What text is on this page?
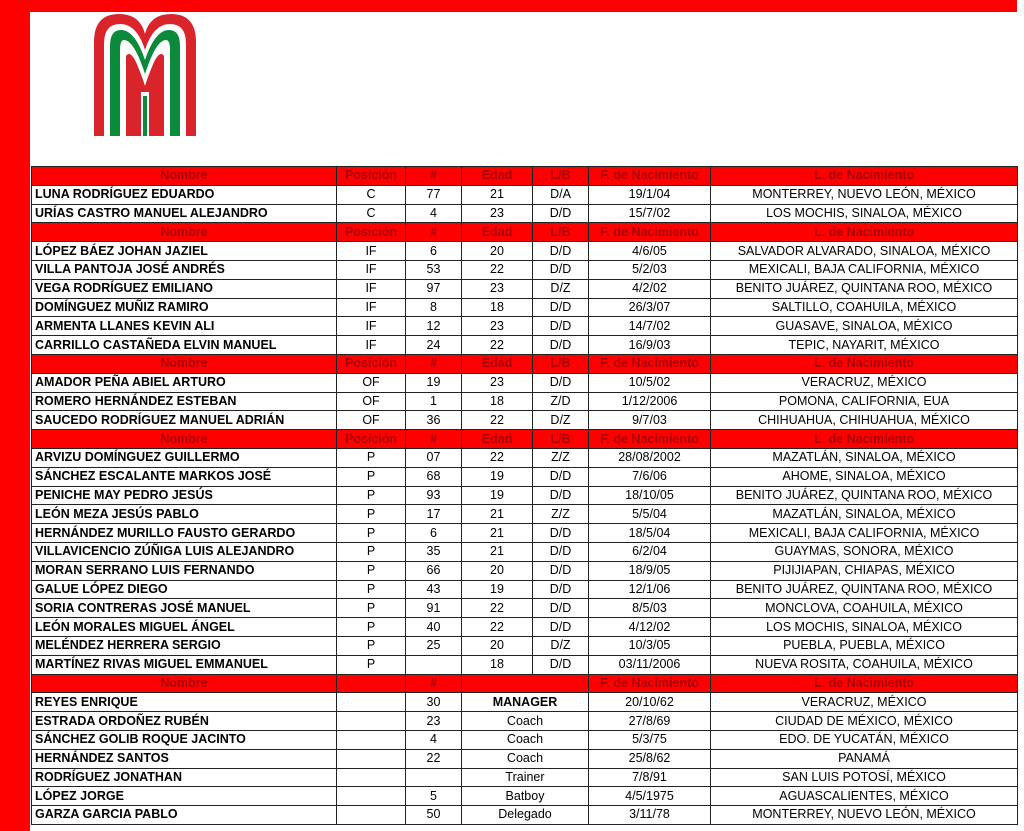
Nombre	Posición	#	Edad	L/B	F. de Nacimiento	L. de Nacimiento
LUNA RODRÍGUEZ EDUARDO	C	77	21	D/A	19/1/04	MONTERREY, NUEVO LEÓN, MÉXICO
URÍAS CASTRO MANUEL ALEJANDRO	C	4	23	D/D	15/7/02	LOS MOCHIS, SINALOA, MÉXICO
Nombre	Posición	#	Edad	L/B	F. de Nacimiento	L. de Nacimiento
LÓPEZ BÁEZ JOHAN JAZIEL	IF	6	20	D/D	4/6/05	SALVADOR ALVARADO, SINALOA, MÉXICO
VILLA PANTOJA JOSÉ ANDRÉS	IF	53	22	D/D	5/2/03	MEXICALI, BAJA CALIFORNIA, MÉXICO
VEGA RODRÍGUEZ EMILIANO	IF	97	23	D/Z	4/2/02	BENITO JUÁREZ, QUINTANA ROO, MÉXICO
DOMÍNGUEZ MUÑIZ RAMIRO	IF	8	18	D/D	26/3/07	SALTILLO, COAHUILA, MÉXICO
ARMENTA LLANES KEVIN ALI	IF	12	23	D/D	14/7/02	GUASAVE, SINALOA, MÉXICO
CARRILLO CASTAÑEDA ELVIN MANUEL	IF	24	22	D/D	16/9/03	TEPIC, NAYARIT, MÉXICO
Nombre	Posición	#	Edad	L/B	F. de Nacimiento	L. de Nacimiento
AMADOR PEÑA ABIEL ARTURO	OF	19	23	D/D	10/5/02	VERACRUZ, MÉXICO
ROMERO HERNÁNDEZ ESTEBAN	OF	1	18	Z/D	1/12/2006	POMONA, CALIFORNIA, EUA
SAUCEDO RODRÍGUEZ MANUEL ADRIÁN	OF	36	22	D/Z	9/7/03	CHIHUAHUA, CHIHUAHUA, MÉXICO
Nombre	Posición	#	Edad	L/B	F. de Nacimiento	L. de Nacimiento
ARVIZU DOMÍNGUEZ GUILLERMO	P	07	22	Z/Z	28/08/2002	MAZATLÁN, SINALOA, MÉXICO
SÁNCHEZ ESCALANTE MARKOS JOSÉ	P	68	19	D/D	7/6/06	AHOME, SINALOA, MÉXICO
PENICHE MAY PEDRO JESÚS	P	93	19	D/D	18/10/05	BENITO JUÁREZ, QUINTANA ROO, MÉXICO
LEÓN MEZA JESÚS PABLO	P	17	21	Z/Z	5/5/04	MAZATLÁN, SINALOA, MÉXICO
HERNÁNDEZ MURILLO FAUSTO GERARDO	P	6	21	D/D	18/5/04	MEXICALI, BAJA CALIFORNIA, MÉXICO
VILLAVICENCIO ZÚÑIGA LUIS ALEJANDRO	P	35	21	D/D	6/2/04	GUAYMAS, SONORA, MÉXICO
MORAN SERRANO LUIS FERNANDO	P	66	20	D/D	18/9/05	PIJIJIAPAN, CHIAPAS, MÉXICO
GALUE LÓPEZ DIEGO	P	43	19	D/D	12/1/06	BENITO JUÁREZ, QUINTANA ROO, MÉXICO
SORIA CONTRERAS JOSÉ MANUEL	P	91	22	D/D	8/5/03	MONCLOVA, COAHUILA, MÉXICO
LEÓN MORALES MIGUEL ÁNGEL	P	40	22	D/D	4/12/02	LOS MOCHIS, SINALOA, MÉXICO
MELÉNDEZ HERRERA SERGIO	P	25	20	D/Z	10/3/05	PUEBLA, PUEBLA, MÉXICO
MARTÍNEZ RIVAS MIGUEL EMMANUEL	P		18	D/D	03/11/2006	NUEVA ROSITA, COAHUILA, MÉXICO
Nombre		#			F. de Nacimiento	L. de Nacimiento
REYES ENRIQUE		30	MANAGER		20/10/62	VERACRUZ, MÉXICO
ESTRADA ORDOÑEZ RUBÉN		23	Coach		27/8/69	CIUDAD DE MÉXICO, MÉXICO
SÁNCHEZ GOLIB ROQUE JACINTO		4	Coach		5/3/75	EDO. DE YUCATÁN, MÉXICO
HERNÁNDEZ SANTOS		22	Coach		25/8/62	PANAMÁ
RODRÍGUEZ JONATHAN			Trainer		7/8/91	SAN LUIS POTOSÍ, MÉXICO
LÓPEZ JORGE		5	Batboy		4/5/1975	AGUASCALIENTES, MÉXICO
GARZA GARCIA PABLO		50	Delegado		3/11/78	MONTERREY, NUEVO LEÓN, MÉXICO
